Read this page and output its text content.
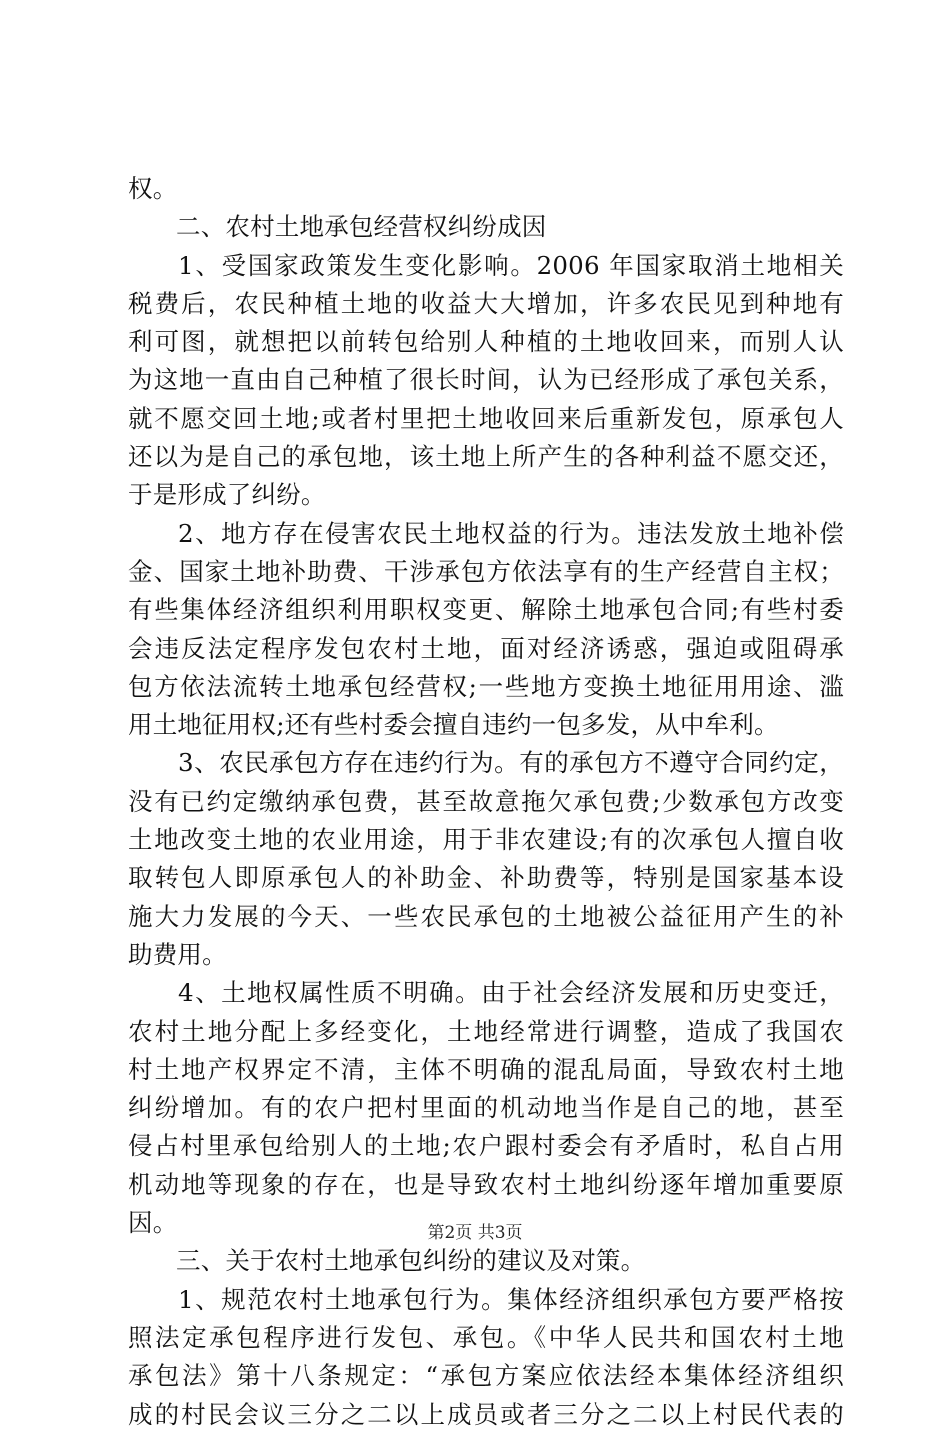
权。
二、农村土地承包经营权纠纷成因
1、受国家政策发生变化影响。2006 年国家取消土地相关
税费后，农民种植土地的收益大大增加，许多农民见到种地有
利可图，就想把以前转包给别人种植的土地收回来，而别人认
为这地一直由自己种植了很长时间，认为已经形成了承包关系，
就不愿交回土地;或者村里把土地收回来后重新发包，原承包人
还以为是自己的承包地，该土地上所产生的各种利益不愿交还，
于是形成了纠纷。
2、地方存在侵害农民土地权益的行为。违法发放土地补偿
金、国家土地补助费、干涉承包方依法享有的生产经营自主权；
有些集体经济组织利用职权变更、解除土地承包合同;有些村委
会违反法定程序发包农村土地，面对经济诱惑，强迫或阻碍承
包方依法流转土地承包经营权;一些地方变换土地征用用途、滥
用土地征用权;还有些村委会擅自违约一包多发，从中牟利。
3、农民承包方存在违约行为。有的承包方不遵守合同约定，
没有已约定缴纳承包费，甚至故意拖欠承包费;少数承包方改变
土地改变土地的农业用途，用于非农建设;有的次承包人擅自收
取转包人即原承包人的补助金、补助费等，特别是国家基本设
施大力发展的今天、一些农民承包的土地被公益征用产生的补
助费用。
4、土地权属性质不明确。由于社会经济发展和历史变迁，
农村土地分配上多经变化，土地经常进行调整，造成了我国农
村土地产权界定不清，主体不明确的混乱局面，导致农村土地
纠纷增加。有的农户把村里面的机动地当作是自己的地，甚至
侵占村里承包给别人的土地;农户跟村委会有矛盾时，私自占用
机动地等现象的存在，也是导致农村土地纠纷逐年增加重要原
因。
三、关于农村土地承包纠纷的建议及对策。
1、规范农村土地承包行为。集体经济组织承包方要严格按
照法定承包程序进行发包、承包。《中华人民共和国农村土地
承包法》第十八条规定：“承包方案应依法经本集体经济组织
成的村民会议三分之二以上成员或者三分之二以上村民代表的
第2页 共3页
